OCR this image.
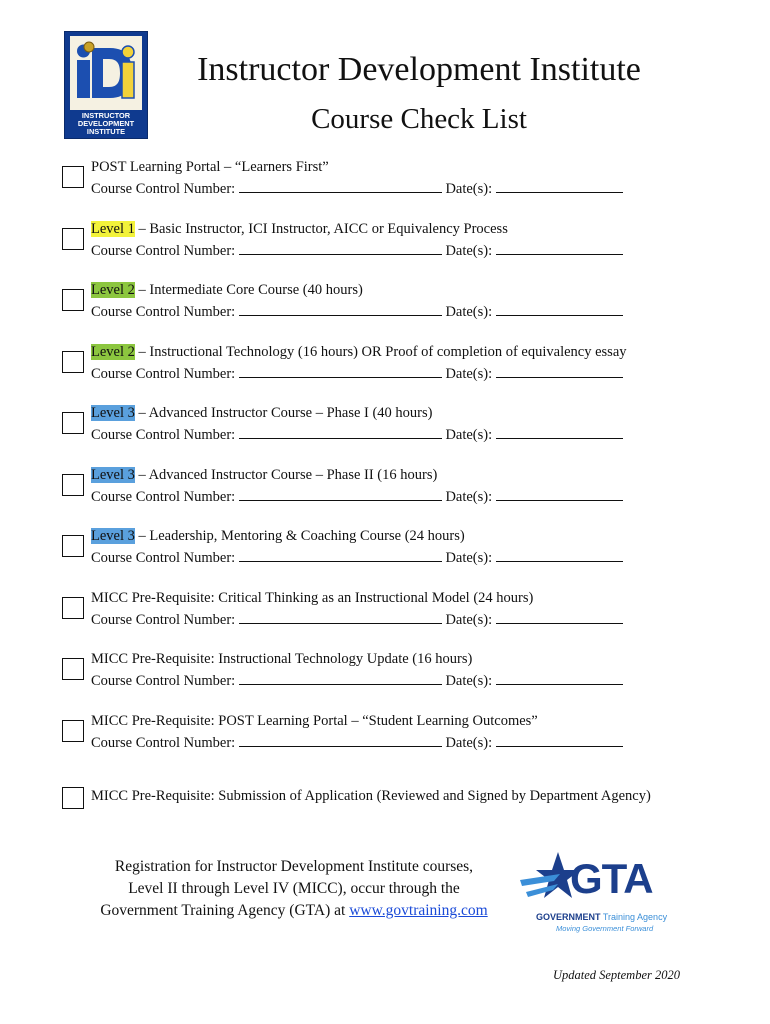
INSTRUCTOR
DEVELOPMENT
INSTITUTE
Instructor Development Institute
Course Check List
POST Learning Portal – “Learners First”
Course Control Number:	Date(s):
Level 1 – Basic Instructor, ICI Instructor, AICC or Equivalency Process
Course Control Number:	Date(s):
Level 2 – Intermediate Core Course (40 hours)
Course Control Number:	Date(s):
Level 2 – Instructional Technology (16 hours) OR Proof of completion of equivalency essay
Course Control Number:	Date(s):
Level 3 – Advanced Instructor Course – Phase I (40 hours)
Course Control Number:	Date(s):
Level 3 – Advanced Instructor Course – Phase II (16 hours)
Course Control Number:	Date(s):
Level 3 – Leadership, Mentoring & Coaching Course (24 hours)
Course Control Number:	Date(s):
MICC Pre-Requisite: Critical Thinking as an Instructional Model (24 hours)
Course Control Number:	Date(s):
MICC Pre-Requisite: Instructional Technology Update (16 hours)
Course Control Number:	Date(s):
MICC Pre-Requisite: POST Learning Portal – “Student Learning Outcomes”
Course Control Number:	Date(s):
MICC Pre-Requisite: Submission of Application (Reviewed and Signed by Department Agency)
Registration for Instructor Development Institute courses,
Level II through Level IV (MICC), occur through the
Government Training Agency (GTA) at www.govtraining.com
GTA
GOVERNMENT Training Agency
Moving Government Forward
Updated September 2020
